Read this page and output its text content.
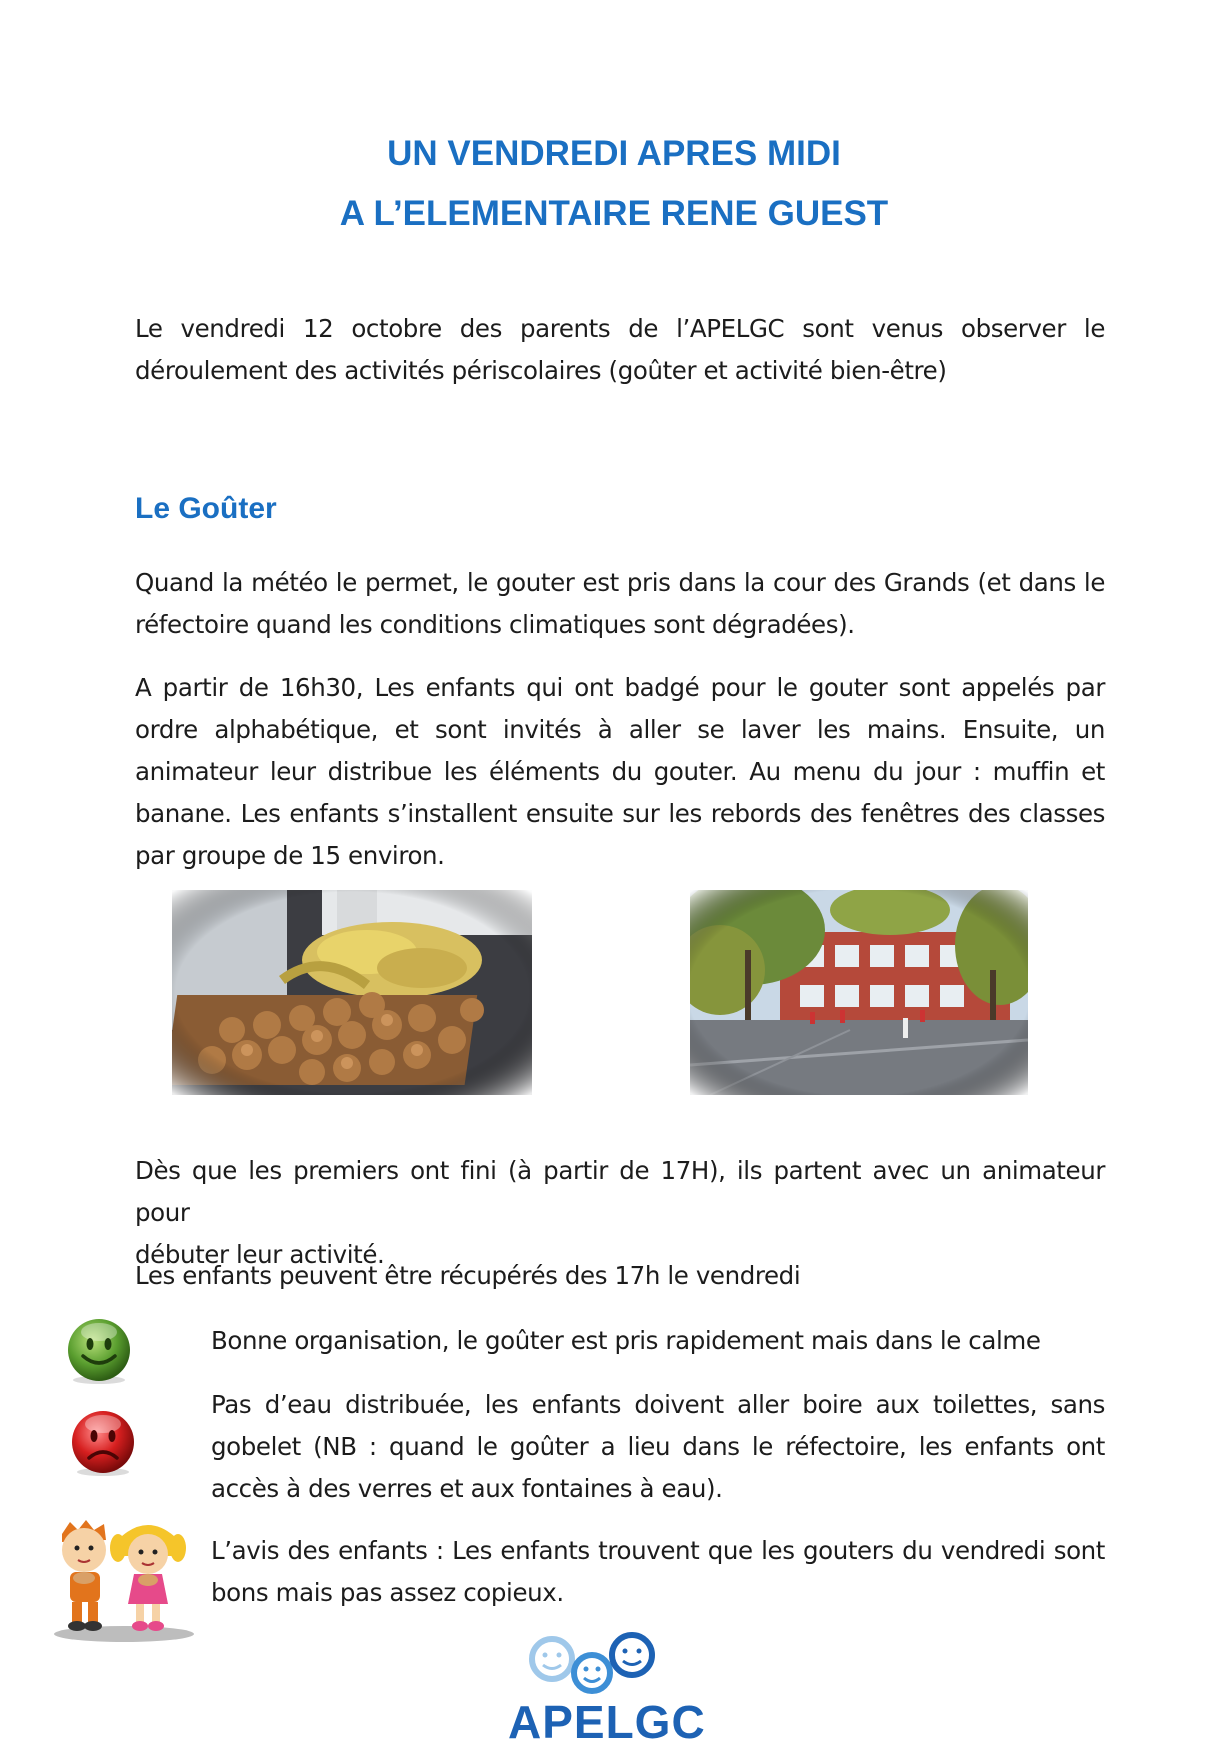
UN VENDREDI APRES MIDI
A L’ELEMENTAIRE RENE GUEST
Le vendredi 12 octobre des parents de l’APELGC sont venus observer le
déroulement des activités périscolaires (goûter et activité bien-être)
Le Goûter
Quand la météo le permet, le gouter est pris dans la cour des Grands (et dans le
réfectoire quand les conditions climatiques sont dégradées).
A partir de 16h30, Les enfants qui ont badgé pour le gouter sont appelés par
ordre alphabétique, et sont invités à aller se laver les mains. Ensuite, un
animateur leur distribue les éléments du gouter. Au menu du jour : muffin et
banane. Les enfants s’installent ensuite sur les rebords des fenêtres des classes
par groupe de 15 environ.
Dès que les premiers ont fini (à partir de 17H), ils partent avec un animateur pour
débuter leur activité.
Les enfants peuvent être récupérés des 17h le vendredi
Bonne organisation, le goûter est pris rapidement mais dans le calme
Pas d’eau distribuée, les enfants doivent aller boire aux toilettes, sans
gobelet (NB : quand le goûter a lieu dans le réfectoire, les enfants ont
accès à des verres et aux fontaines à eau).
L’avis des enfants : Les enfants trouvent que les gouters du vendredi sont
bons mais pas assez copieux.
APELGC
